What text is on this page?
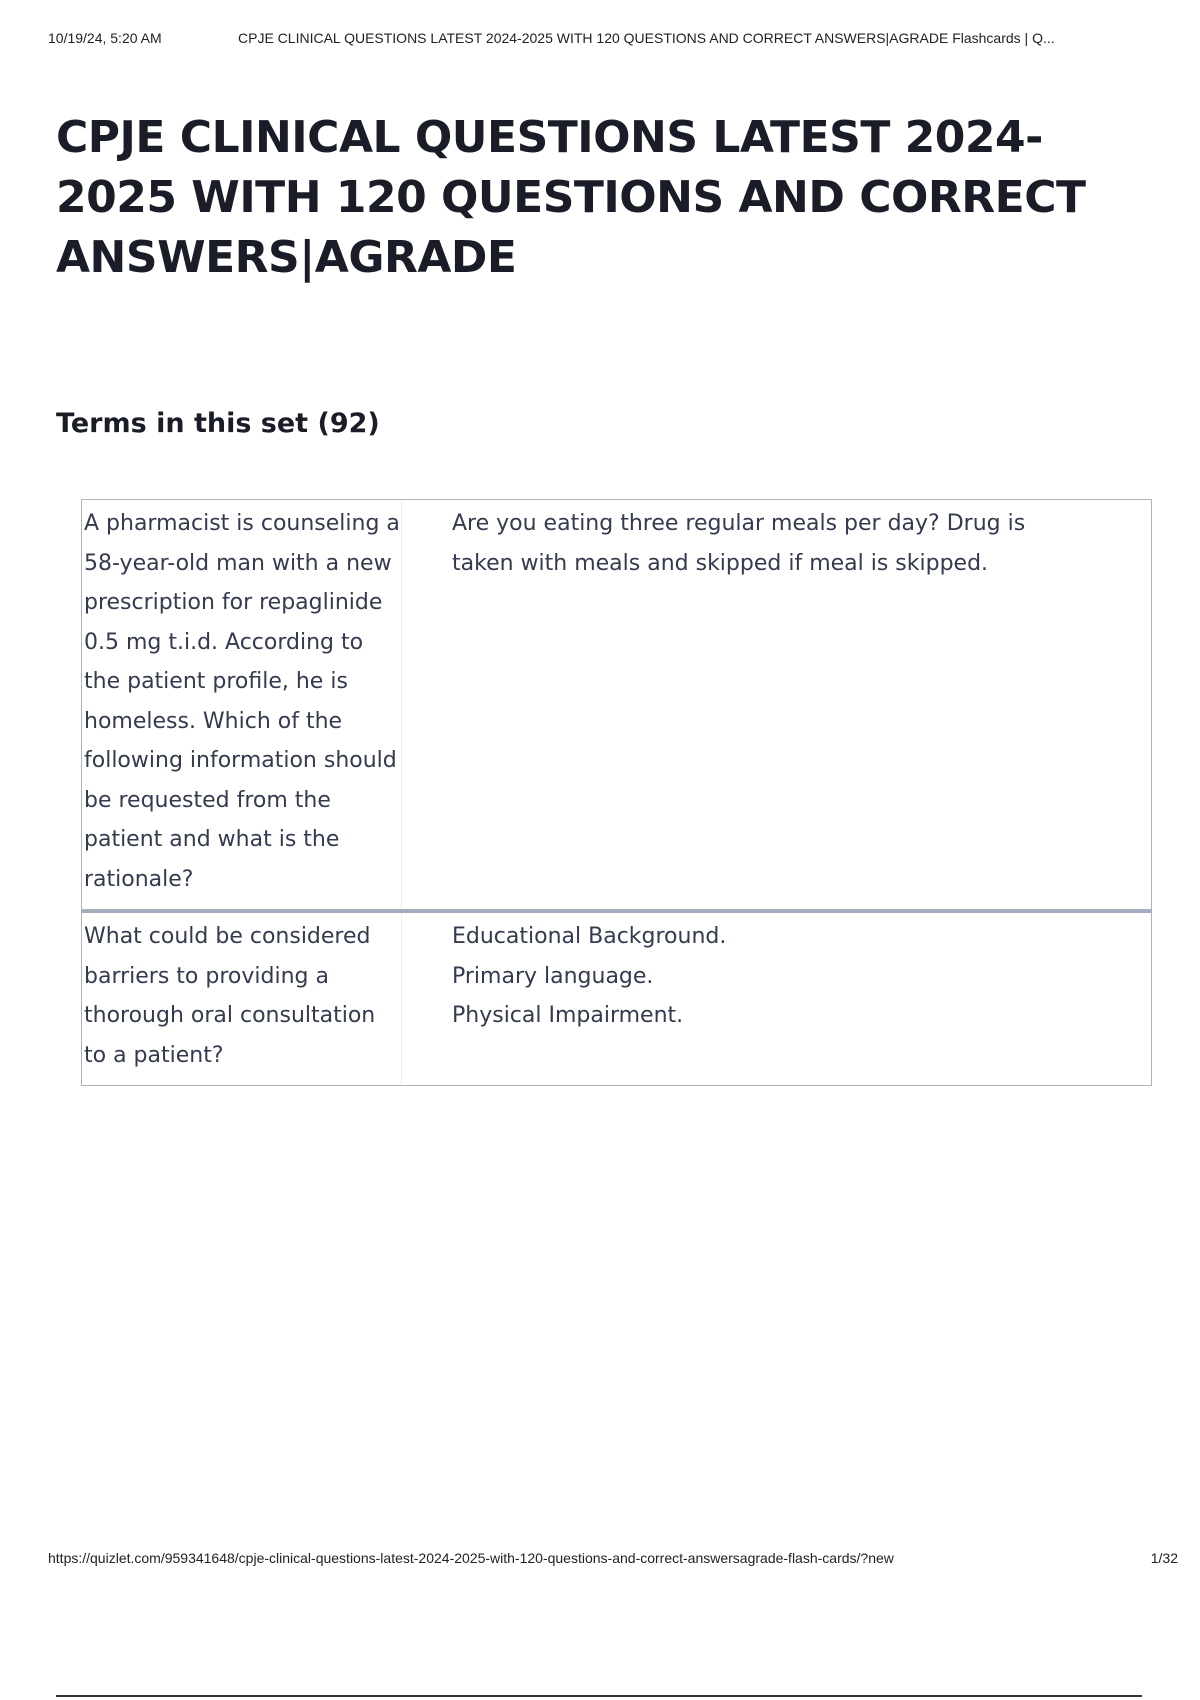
10/19/24, 5:20 AM	CPJE CLINICAL QUESTIONS LATEST 2024-2025 WITH 120 QUESTIONS AND CORRECT ANSWERS|AGRADE Flashcards | Q...
CPJE CLINICAL QUESTIONS LATEST 2024-2025 WITH 120 QUESTIONS AND CORRECT ANSWERS|AGRADE
Terms in this set (92)
A pharmacist is counseling a 58-year-old man with a new prescription for repaglinide 0.5 mg t.i.d. According to the patient profile, he is homeless. Which of the following information should be requested from the patient and what is the rationale?
Are you eating three regular meals per day? Drug is taken with meals and skipped if meal is skipped.
What could be considered barriers to providing a thorough oral consultation to a patient?
Educational Background.
Primary language.
Physical Impairment.
https://quizlet.com/959341648/cpje-clinical-questions-latest-2024-2025-with-120-questions-and-correct-answersagrade-flash-cards/?new	1/32
